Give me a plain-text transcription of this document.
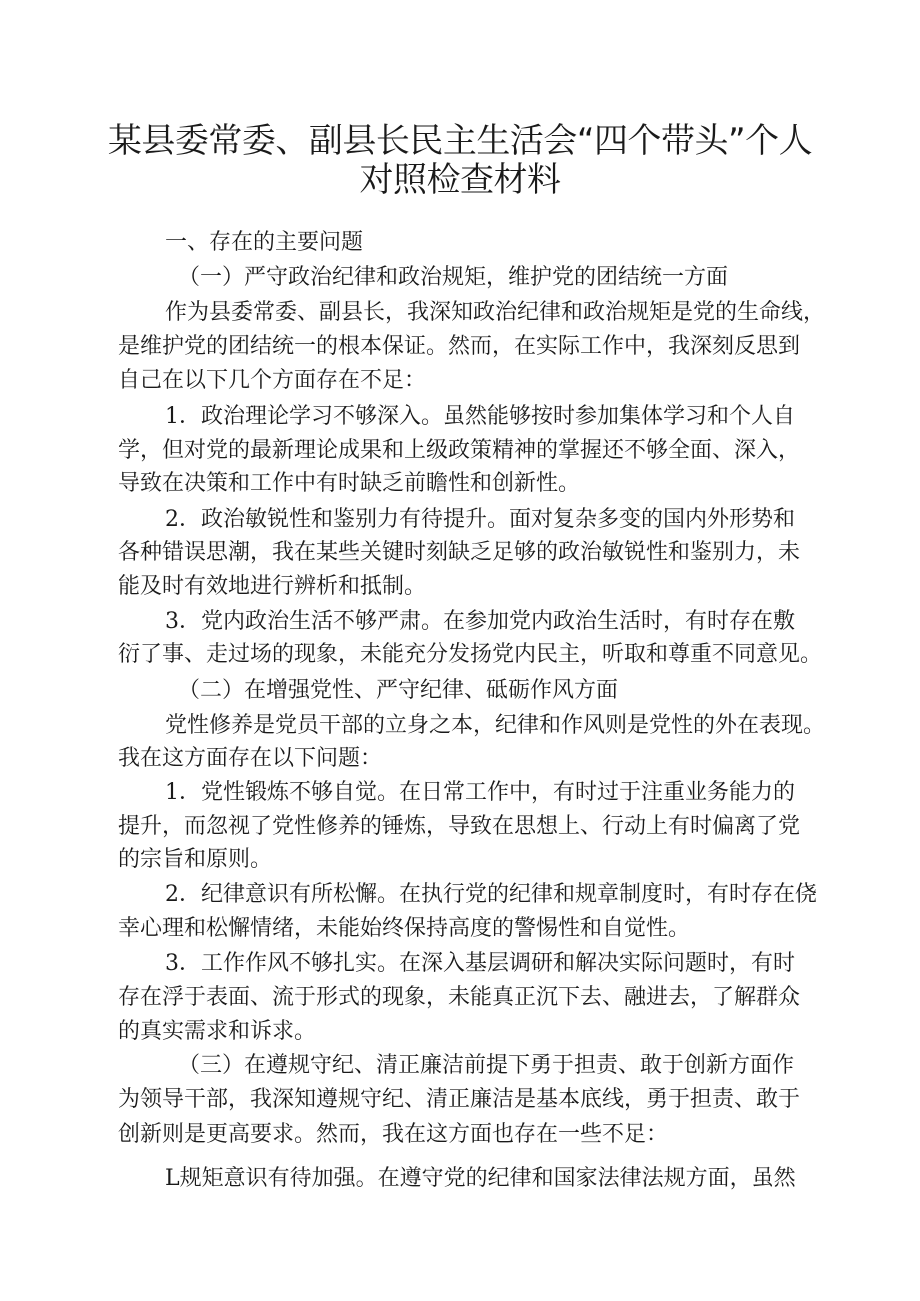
某县委常委、副县长民主生活会“四个带头”个人
对照检查材料
一、存在的主要问题
（一）严守政治纪律和政治规矩，维护党的团结统一方面
作为县委常委、副县长，我深知政治纪律和政治规矩是党的生命线，
是维护党的团结统一的根本保证。然而，在实际工作中，我深刻反思到
自己在以下几个方面存在不足：
1．政治理论学习不够深入。虽然能够按时参加集体学习和个人自
学，但对党的最新理论成果和上级政策精神的掌握还不够全面、深入，
导致在决策和工作中有时缺乏前瞻性和创新性。
2．政治敏锐性和鉴别力有待提升。面对复杂多变的国内外形势和
各种错误思潮，我在某些关键时刻缺乏足够的政治敏锐性和鉴别力，未
能及时有效地进行辨析和抵制。
3．党内政治生活不够严肃。在参加党内政治生活时，有时存在敷
衍了事、走过场的现象，未能充分发扬党内民主，听取和尊重不同意见。
（二）在增强党性、严守纪律、砥砺作风方面
党性修养是党员干部的立身之本，纪律和作风则是党性的外在表现。
我在这方面存在以下问题：
1．党性锻炼不够自觉。在日常工作中，有时过于注重业务能力的
提升，而忽视了党性修养的锤炼，导致在思想上、行动上有时偏离了党
的宗旨和原则。
2．纪律意识有所松懈。在执行党的纪律和规章制度时，有时存在侥
幸心理和松懈情绪，未能始终保持高度的警惕性和自觉性。
3．工作作风不够扎实。在深入基层调研和解决实际问题时，有时
存在浮于表面、流于形式的现象，未能真正沉下去、融进去，了解群众
的真实需求和诉求。
（三）在遵规守纪、清正廉洁前提下勇于担责、敢于创新方面作
为领导干部，我深知遵规守纪、清正廉洁是基本底线，勇于担责、敢于
创新则是更高要求。然而，我在这方面也存在一些不足：
L规矩意识有待加强。在遵守党的纪律和国家法律法规方面，虽然
